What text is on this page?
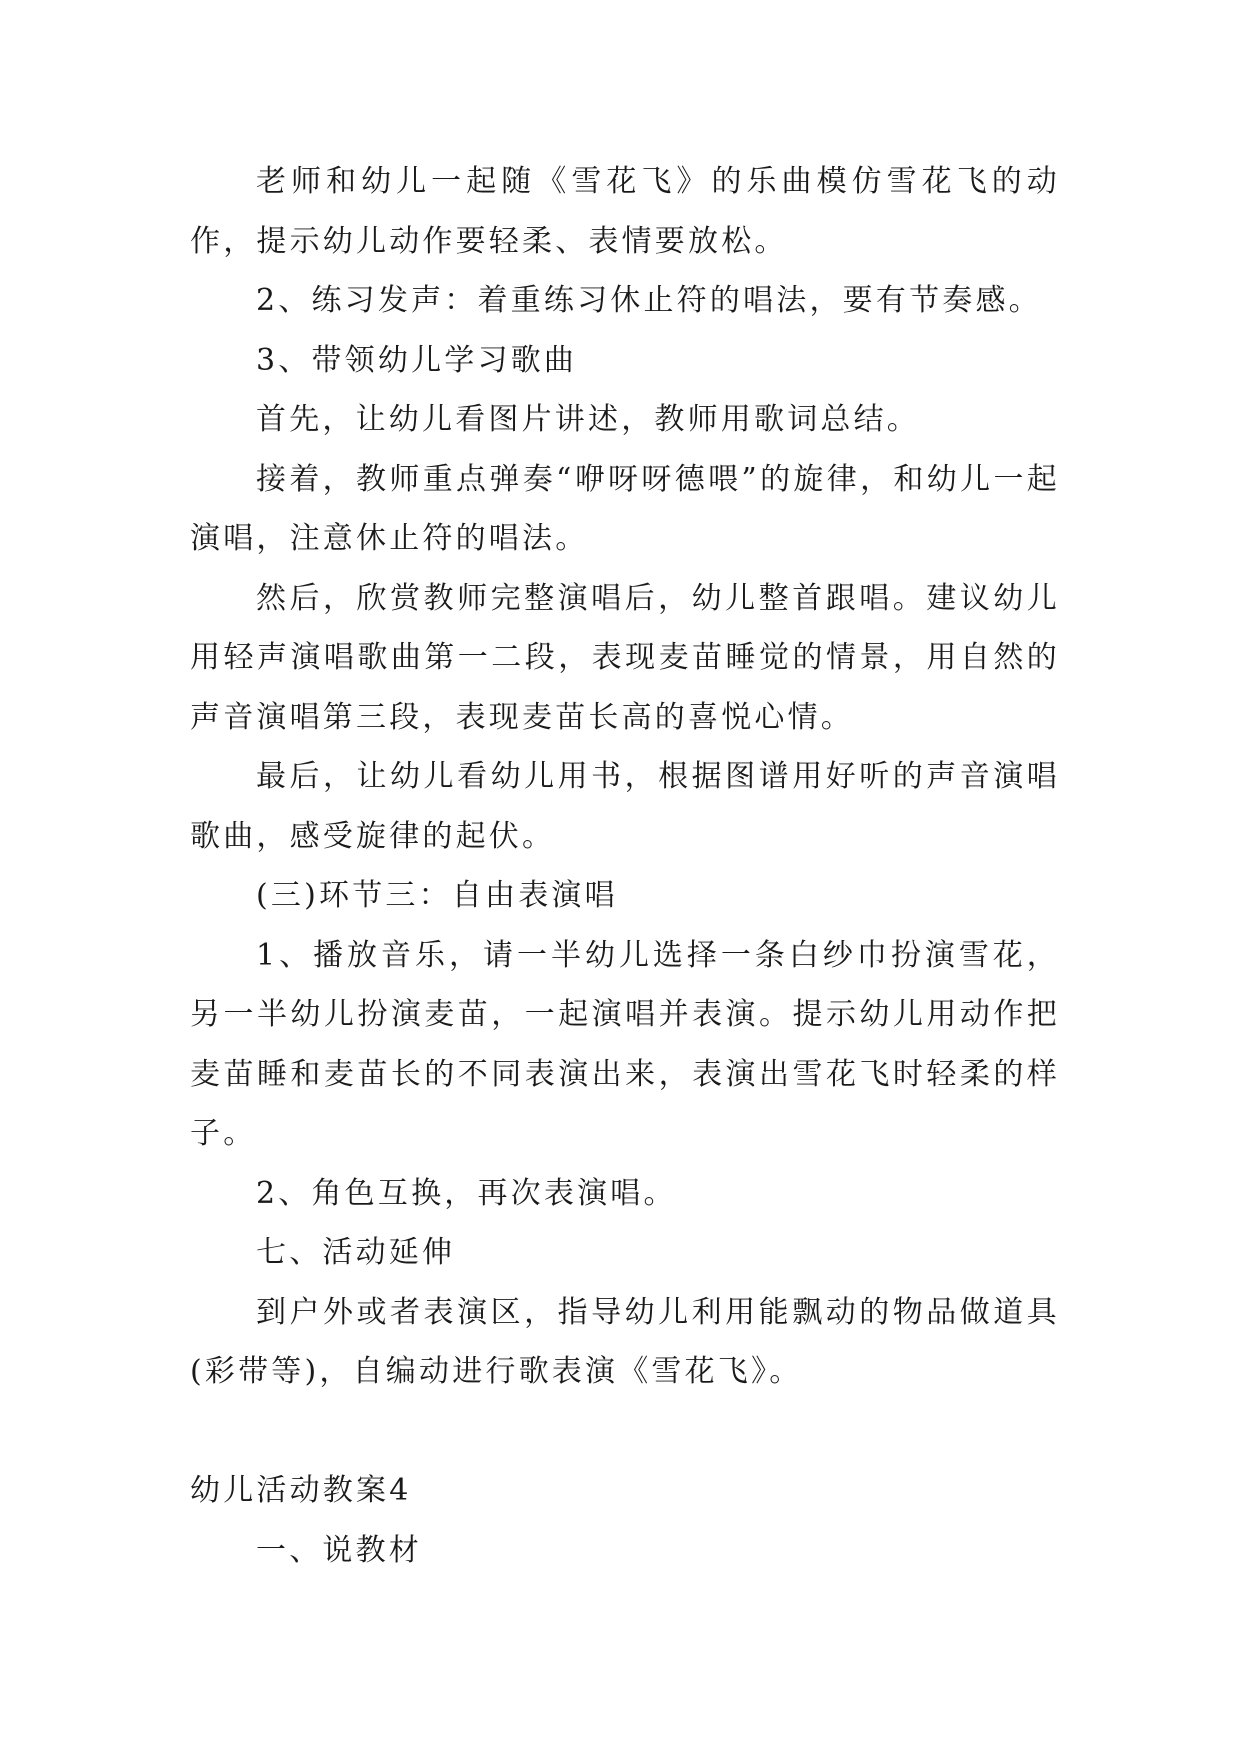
老师和幼儿一起随《雪花飞》的乐曲模仿雪花飞的动作，提示幼儿动作要轻柔、表情要放松。

2、练习发声：着重练习休止符的唱法，要有节奏感。

3、带领幼儿学习歌曲

首先，让幼儿看图片讲述，教师用歌词总结。

接着，教师重点弹奏“咿呀呀德喂”的旋律，和幼儿一起演唱，注意休止符的唱法。

然后，欣赏教师完整演唱后，幼儿整首跟唱。建议幼儿用轻声演唱歌曲第一二段，表现麦苗睡觉的情景，用自然的声音演唱第三段，表现麦苗长高的喜悦心情。

最后，让幼儿看幼儿用书，根据图谱用好听的声音演唱歌曲，感受旋律的起伏。

(三)环节三：自由表演唱

1、播放音乐，请一半幼儿选择一条白纱巾扮演雪花，另一半幼儿扮演麦苗，一起演唱并表演。提示幼儿用动作把麦苗睡和麦苗长的不同表演出来，表演出雪花飞时轻柔的样子。

2、角色互换，再次表演唱。

七、活动延伸

到户外或者表演区，指导幼儿利用能飘动的物品做道具(彩带等)，自编动进行歌表演《雪花飞》。

幼儿活动教案4

一、说教材
